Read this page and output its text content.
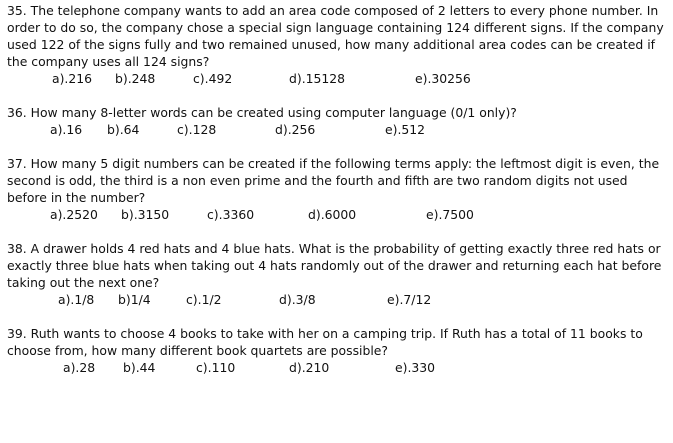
35. The telephone company wants to add an area code composed of 2 letters to every phone number. In order to do so, the company chose a special sign language containing 124 different signs. If the company used 122 of the signs fully and two remained unused, how many additional area codes can be created if the company uses all 124 signs?

a).216 b).248	c).492	d).15128	e).30256

36. How many 8-letter words can be created using computer language (0/1 only)?

a).16 b).64	c).128	d).256	e).512

37. How many 5 digit numbers can be created if the following terms apply: the leftmost digit is even, the second is odd, the third is a non even prime and the fourth and fifth are two random digits not used before in the number?

a).2520 b).3150	c).3360	d).6000	e).7500

38. A drawer holds 4 red hats and 4 blue hats. What is the probability of getting exactly three red hats or exactly three blue hats when taking out 4 hats randomly out of the drawer and returning each hat before taking out the next one?

a).1/8 b)1/4	c).1/2	d).3/8	e).7/12

39. Ruth wants to choose 4 books to take with her on a camping trip. If Ruth has a total of 11 books to choose from, how many different book quartets are possible?

a).28 b).44	c).110	d).210	e).330
